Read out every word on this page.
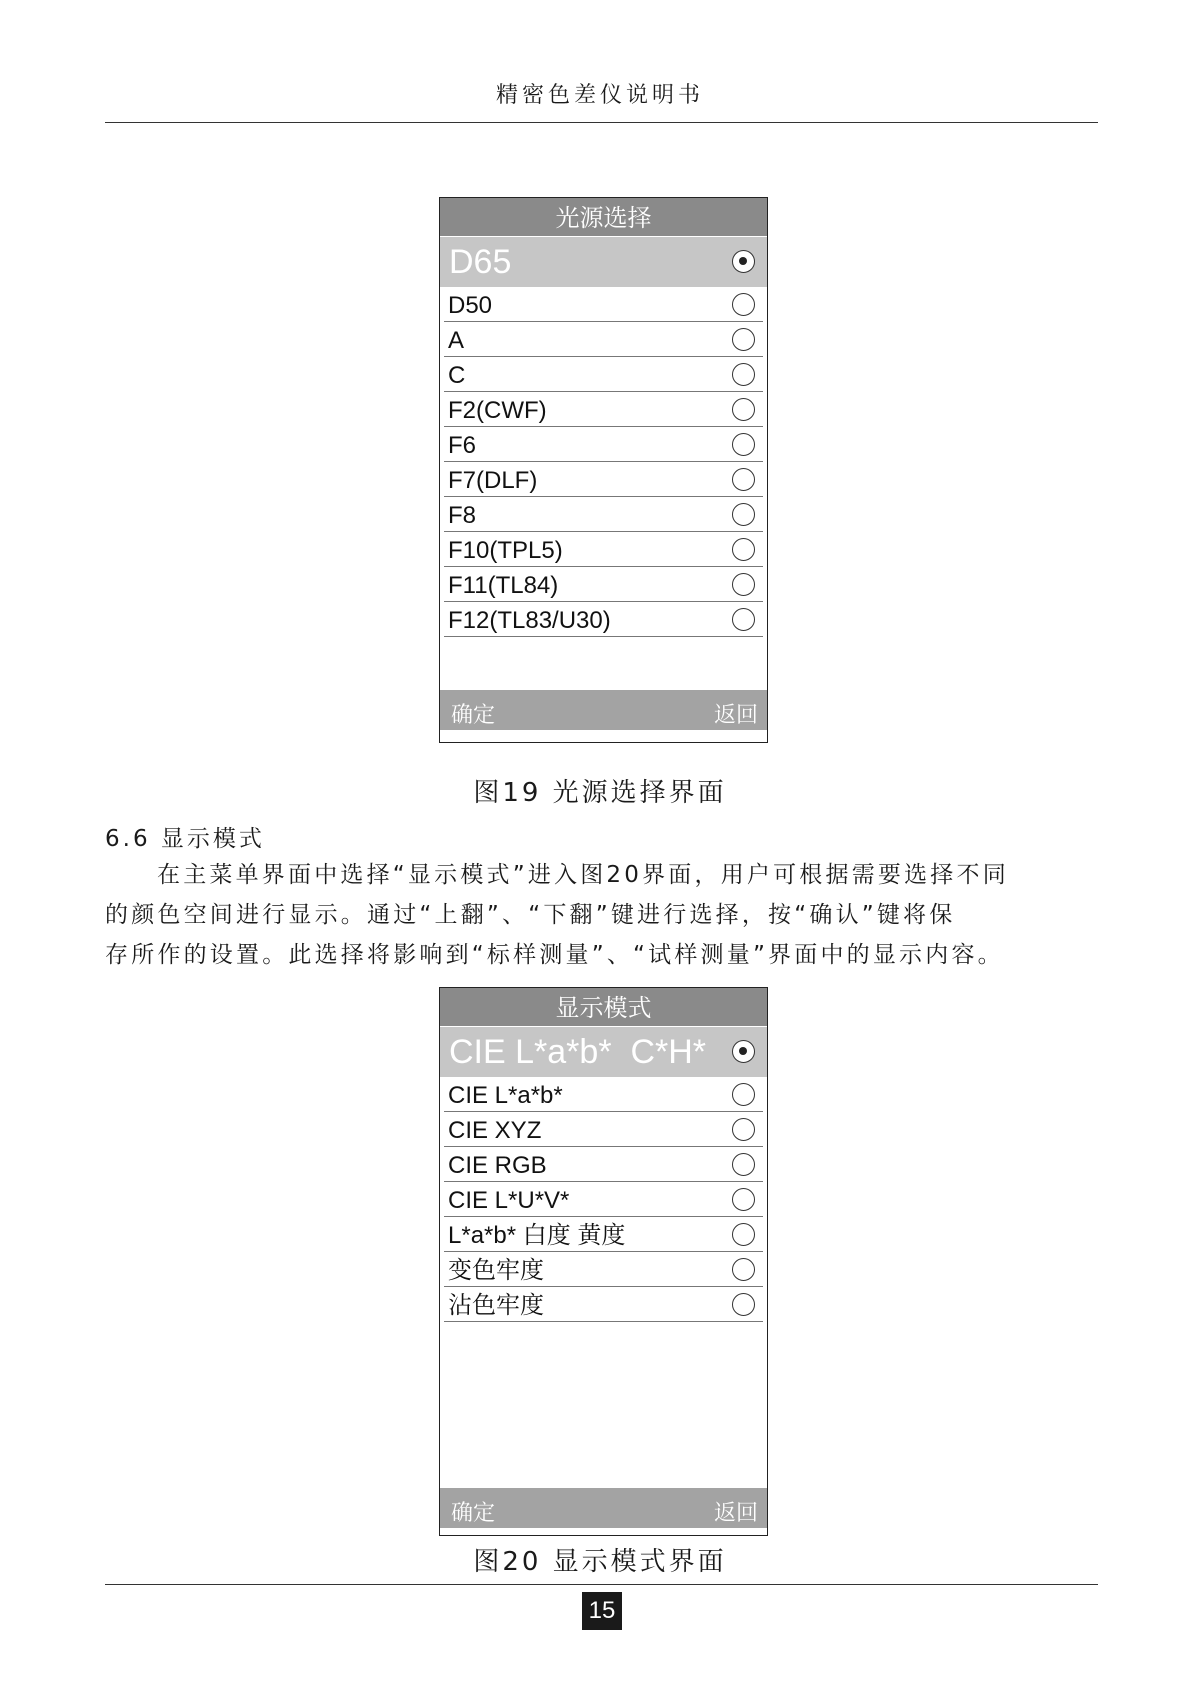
精密色差仪说明书
光源选择
D65
D50
A
C
F2(CWF)
F6
F7(DLF)
F8
F10(TPL5)
F11(TL84)
F12(TL83/U30)
确定	返回
图19 光源选择界面
6.6 显示模式
在主菜单界面中选择“显示模式”进入图20界面，用户可根据需要选择不同
的颜色空间进行显示。通过“上翻”、“下翻”键进行选择，按“确认”键将保
存所作的设置。此选择将影响到“标样测量”、“试样测量”界面中的显示内容。
显示模式
CIE L*a*b*  C*H*
CIE L*a*b*
CIE XYZ
CIE RGB
CIE L*U*V*
L*a*b* 白度 黄度
变色牢度
沾色牢度
确定	返回
图20 显示模式界面
15
